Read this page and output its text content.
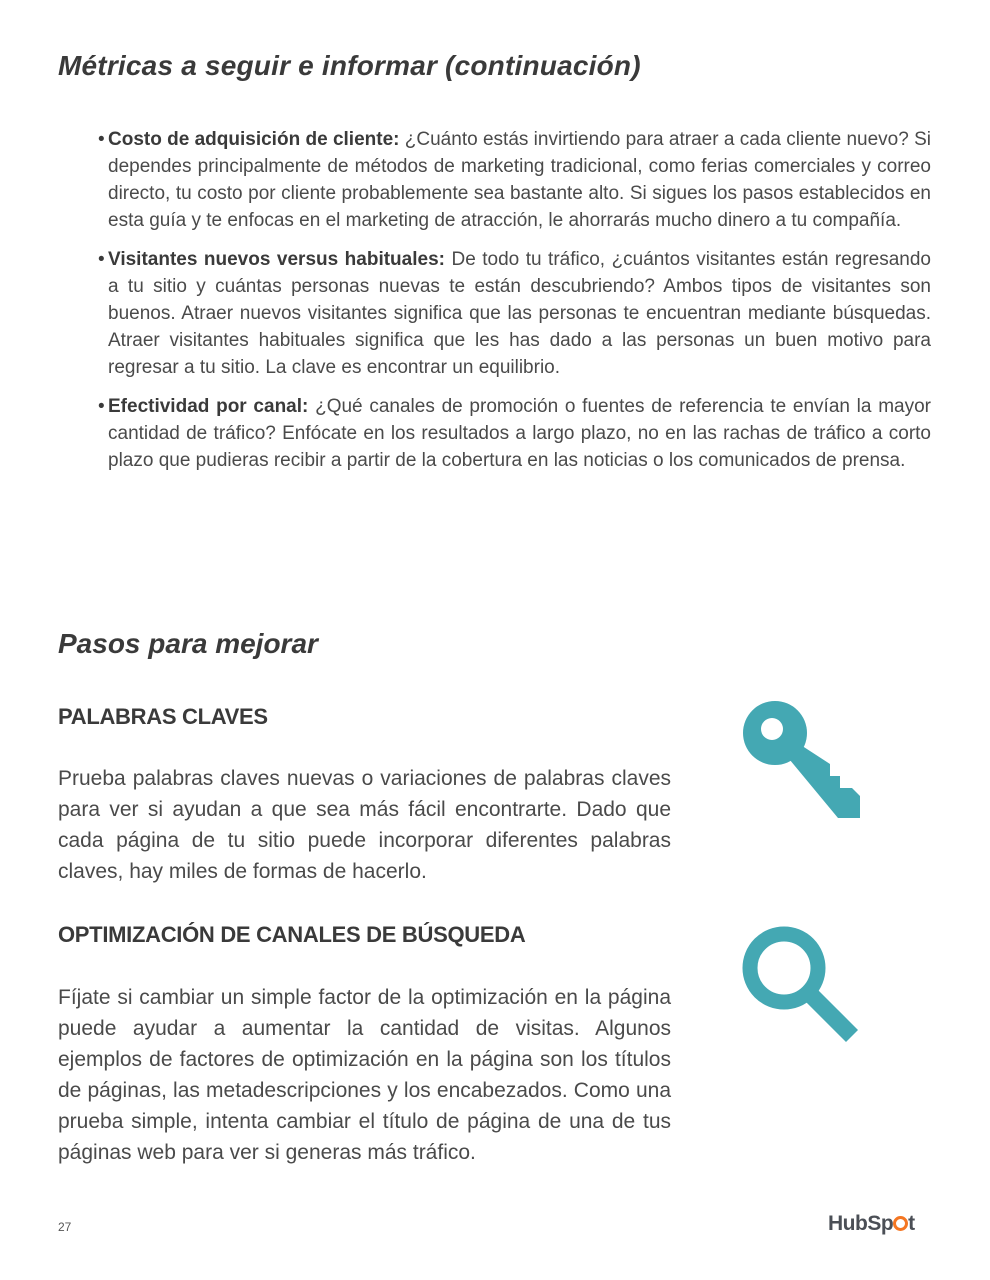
Métricas a seguir e informar (continuación)
• Costo de adquisición de cliente: ¿Cuánto estás invirtiendo para atraer a cada cliente nuevo? Si dependes principalmente de métodos de marketing tradicional, como ferias comerciales y correo directo, tu costo por cliente probablemente sea bastante alto. Si sigues los pasos establecidos en esta guía y te enfocas en el marketing de atracción, le ahorrarás mucho dinero a tu compañía.
• Visitantes nuevos versus habituales: De todo tu tráfico, ¿cuántos visitantes están regresando a tu sitio y cuántas personas nuevas te están descubriendo? Ambos tipos de visitantes son buenos. Atraer nuevos visitantes significa que las personas te encuentran mediante búsquedas. Atraer visitantes habituales significa que les has dado a las personas un buen motivo para regresar a tu sitio. La clave es encontrar un equilibrio.
• Efectividad por canal: ¿Qué canales de promoción o fuentes de referencia te envían la mayor cantidad de tráfico? Enfócate en los resultados a largo plazo, no en las rachas de tráfico a corto plazo que pudieras recibir a partir de la cobertura en las noticias o los comunicados de prensa.
Pasos para mejorar
PALABRAS CLAVES

Prueba palabras claves nuevas o variaciones de palabras claves para ver si ayudan a que sea más fácil encontrarte. Dado que cada página de tu sitio puede incorporar diferentes palabras claves, hay miles de formas de hacerlo.

OPTIMIZACIÓN DE CANALES DE BÚSQUEDA

Fíjate si cambiar un simple factor de la optimización en la página puede ayudar a aumentar la cantidad de visitas. Algunos ejemplos de factores de optimización en la página son los títulos de páginas, las metadescripciones y los encabezados. Como una prueba simple, intenta cambiar el título de página de una de tus páginas web para ver si generas más tráfico.

27	HubSp t
